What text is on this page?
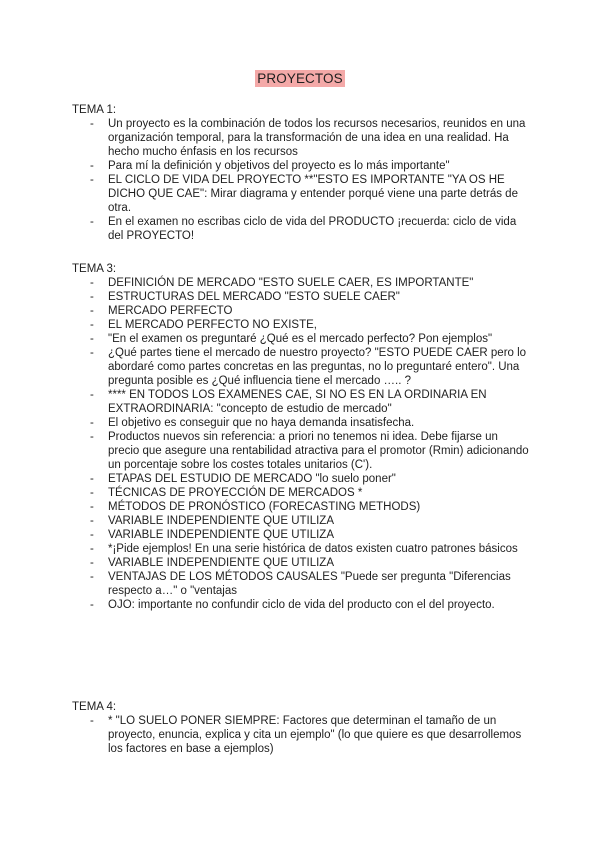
PROYECTOS
TEMA 1:
- Un proyecto es la combinación de todos los recursos necesarios, reunidos en una organización temporal, para la transformación de una idea en una realidad. Ha hecho mucho énfasis en los recursos
- Para mí la definición y objetivos del proyecto es lo más importante"
- EL CICLO DE VIDA DEL PROYECTO **"ESTO ES IMPORTANTE "YA OS HE DICHO QUE CAE": Mirar diagrama y entender porqué viene una parte detrás de otra.
- En el examen no escribas ciclo de vida del PRODUCTO ¡recuerda: ciclo de vida del PROYECTO!
TEMA 3:
- DEFINICIÓN DE MERCADO "ESTO SUELE CAER, ES IMPORTANTE"
- ESTRUCTURAS DEL MERCADO "ESTO SUELE CAER"
- MERCADO PERFECTO
- EL MERCADO PERFECTO NO EXISTE,
- "En el examen os preguntaré ¿Qué es el mercado perfecto? Pon ejemplos"
- ¿Qué partes tiene el mercado de nuestro proyecto? "ESTO PUEDE CAER pero lo abordaré como partes concretas en las preguntas, no lo preguntaré entero". Una pregunta posible es ¿Qué influencia tiene el mercado ….. ?
- **** EN TODOS LOS EXAMENES CAE, SI NO ES EN LA ORDINARIA EN EXTRAORDINARIA: "concepto de estudio de mercado"
- El objetivo es conseguir que no haya demanda insatisfecha.
- Productos nuevos sin referencia: a priori no tenemos ni idea. Debe fijarse un precio que asegure una rentabilidad atractiva para el promotor (Rmin) adicionando un porcentaje sobre los costes totales unitarios (C').
- ETAPAS DEL ESTUDIO DE MERCADO "lo suelo poner"
- TÉCNICAS DE PROYECCIÓN DE MERCADOS *
- MÉTODOS DE PRONÓSTICO (FORECASTING METHODS)
- VARIABLE INDEPENDIENTE QUE UTILIZA
- VARIABLE INDEPENDIENTE QUE UTILIZA
- *¡Pide ejemplos! En una serie histórica de datos existen cuatro patrones básicos
- VARIABLE INDEPENDIENTE QUE UTILIZA
- VENTAJAS DE LOS MÉTODOS CAUSALES "Puede ser pregunta "Diferencias respecto a…" o "ventajas
- OJO: importante no confundir ciclo de vida del producto con el del proyecto.
TEMA 4:
- * "LO SUELO PONER SIEMPRE: Factores que determinan el tamaño de un proyecto, enuncia, explica y cita un ejemplo" (lo que quiere es que desarrollemos los factores en base a ejemplos)
